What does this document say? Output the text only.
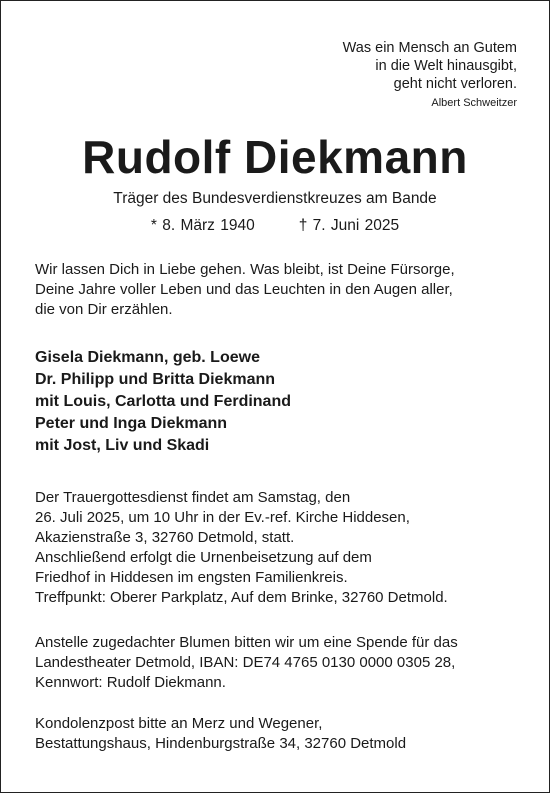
Was ein Mensch an Gutem
in die Welt hinausgibt,
geht nicht verloren.
Albert Schweitzer
Rudolf Diekmann
Träger des Bundesverdienstkreuzes am Bande
* 8. März 1940	† 7. Juni 2025
Wir lassen Dich in Liebe gehen. Was bleibt, ist Deine Fürsorge,
Deine Jahre voller Leben und das Leuchten in den Augen aller,
die von Dir erzählen.
Gisela Diekmann, geb. Loewe
Dr. Philipp und Britta Diekmann
mit Louis, Carlotta und Ferdinand
Peter und Inga Diekmann
mit Jost, Liv und Skadi
Der Trauergottesdienst findet am Samstag, den
26. Juli 2025, um 10 Uhr in der Ev.-ref. Kirche Hiddesen,
Akazienstraße 3, 32760 Detmold, statt.
Anschließend erfolgt die Urnenbeisetzung auf dem
Friedhof in Hiddesen im engsten Familienkreis.
Treffpunkt: Oberer Parkplatz, Auf dem Brinke, 32760 Detmold.
Anstelle zugedachter Blumen bitten wir um eine Spende für das
Landestheater Detmold, IBAN: DE74 4765 0130 0000 0305 28,
Kennwort: Rudolf Diekmann.
Kondolenzpost bitte an Merz und Wegener,
Bestattungshaus, Hindenburgstraße 34, 32760 Detmold
